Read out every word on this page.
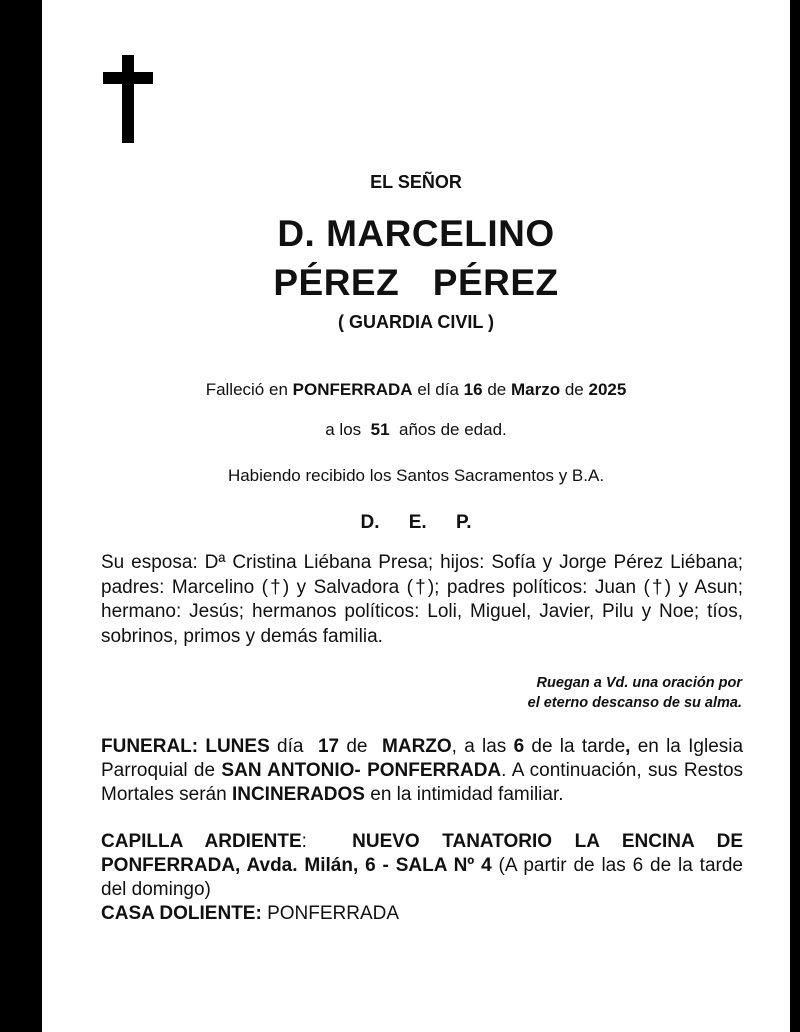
EL SEÑOR
D. MARCELINO
PÉREZ  PÉREZ
( GUARDIA CIVIL )
Falleció en PONFERRADA el día 16 de Marzo de 2025
a los 51 años de edad.
Habiendo recibido los Santos Sacramentos y B.A.
D. E. P.
Su esposa: Dª Cristina Liébana Presa; hijos: Sofía y Jorge Pérez Liébana; padres: Marcelino (†) y Salvadora (†); padres políticos: Juan (†) y Asun; hermano: Jesús; hermanos políticos: Loli, Miguel, Javier, Pilu y Noe; tíos, sobrinos, primos y demás familia.
Ruegan a Vd. una oración por
el eterno descanso de su alma.
FUNERAL: LUNES día 17 de MARZO, a las 6 de la tarde, en la Iglesia Parroquial de SAN ANTONIO- PONFERRADA. A continuación, sus Restos Mortales serán INCINERADOS en la intimidad familiar.
CAPILLA ARDIENTE: NUEVO TANATORIO LA ENCINA DE PONFERRADA, Avda. Milán, 6 - SALA Nº 4 (A partir de las 6 de la tarde del domingo)
CASA DOLIENTE: PONFERRADA
